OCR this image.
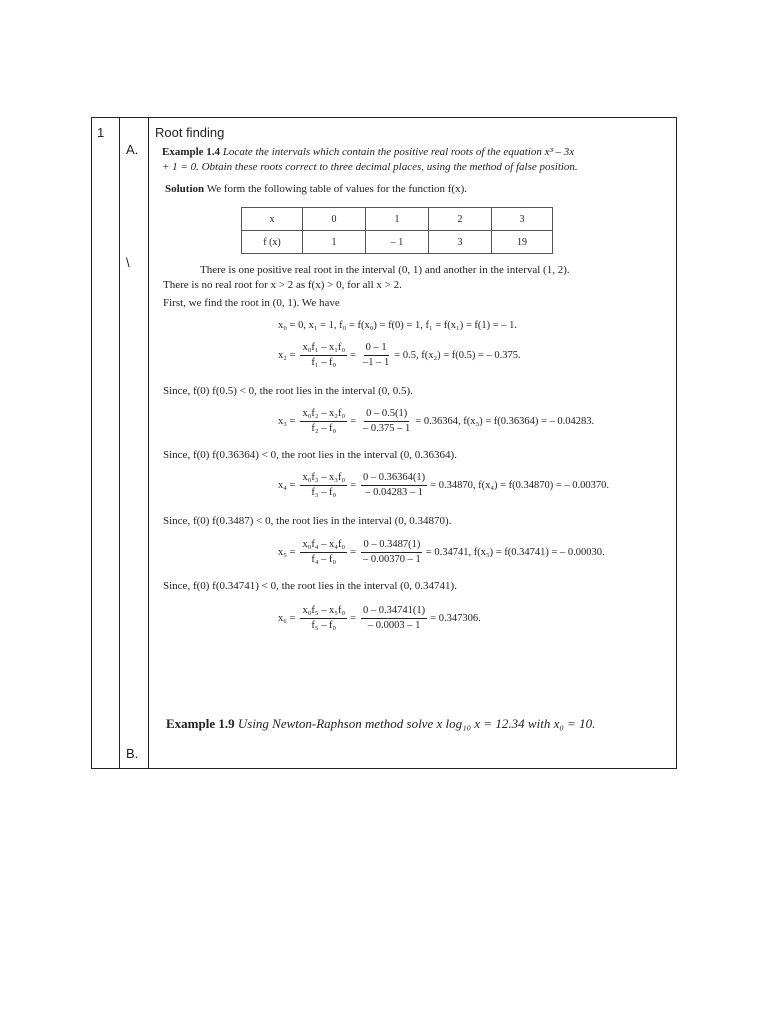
1
A.
\
B.
Root finding
Example 1.4 Locate the intervals which contain the positive real roots of the equation x³ – 3x
+ 1 = 0. Obtain these roots correct to three decimal places, using the method of false position.
Solution We form the following table of values for the function f(x).
x	0	1	2	3
f (x)	1	– 1	3	19
There is one positive real root in the interval (0, 1) and another in the interval (1, 2).
There is no real root for x > 2 as f(x) > 0, for all x > 2.
First, we find the root in (0, 1). We have
x₀ = 0, x₁ = 1, f₀ = f(x₀) = f(0) = 1, f₁ = f(x₁) = f(1) = – 1.
$x_2 = \frac{\text{x₀f₁ – x₁f₀}}{\text{f₁ – f₀}} = \frac{0 - 1}{-1 - 1} = 0.5$, f(x₂) = f(0.5) = – 0.375.
Since, f(0) f(0.5) < 0, the root lies in the interval (0, 0.5).
$x_3 = \frac{\text{x₀f₂ – x₂f₀}}{\text{f₂ – f₀}} = \frac{0 - 0.5(1)}{- 0.375 - 1} = 0.36364$, f(x₃) = f(0.36364) = – 0.04283.
Since, f(0) f(0.36364) < 0, the root lies in the interval (0, 0.36364).
$x_4 = \frac{\text{x₀f₃ – x₃f₀}}{\text{f₃ – f₀}} = \frac{0 - 0.36364(1)}{- 0.04283 - 1} = 0.34870$, f(x₄) = f(0.34870) = – 0.00370.
Since, f(0) f(0.3487) < 0, the root lies in the interval (0, 0.34870).
$x_5 = \frac{\text{x₀f₄ – x₄f₀}}{\text{f₄ – f₀}} = \frac{0 - 0.3487(1)}{- 0.00370 - 1} = 0.34741$, f(x₅) = f(0.34741) = – 0.00030.
Since, f(0) f(0.34741) < 0, the root lies in the interval (0, 0.34741).
$x_6 = \frac{\text{x₀f₅ – x₅f₀}}{\text{f₅ – f₀}} = \frac{0 - 0.34741(1)}{- 0.0003 - 1} = 0.347306$.
Example 1.9 Using Newton-Raphson method solve x log₁₀ x = 12.34 with x₀ = 10.
